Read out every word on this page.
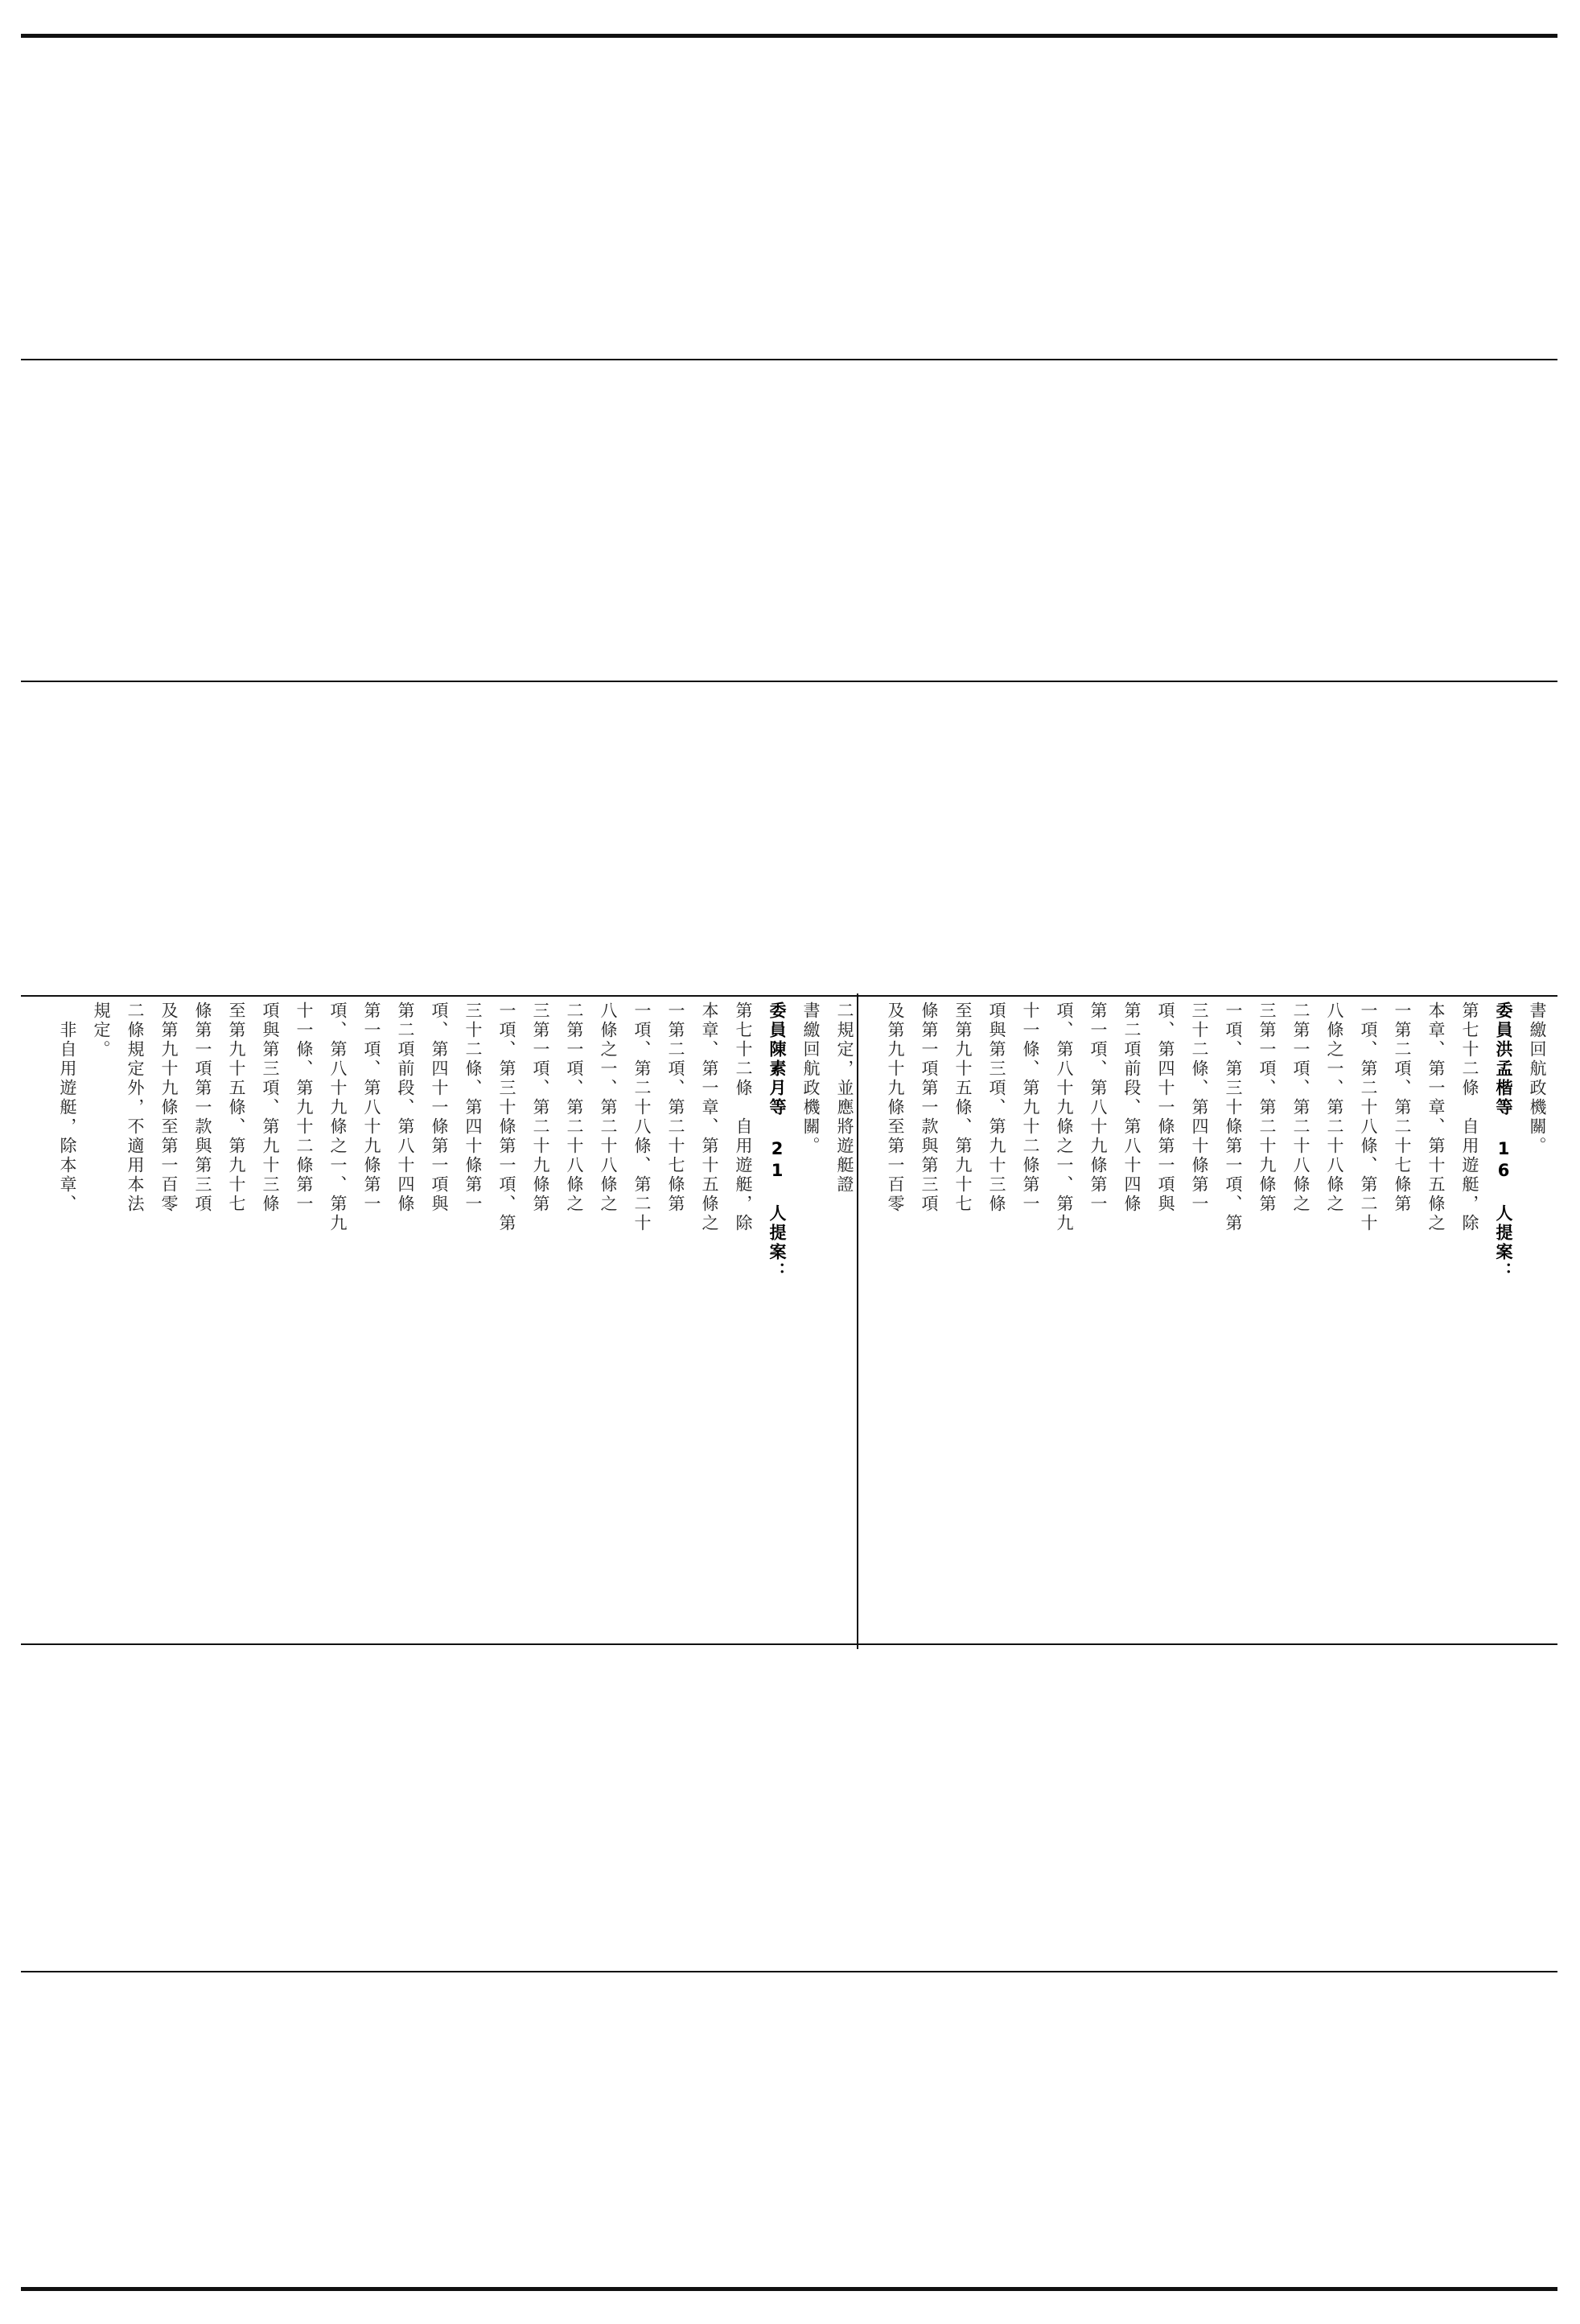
書繳回航政機關。
委員洪孟楷等 16 人提案：
第七十二條　自用遊艇，除
本章、第一章、第十五條之
一第二項、第二十七條第
一項、第二十八條、第二十
八條之一、第二十八條之
二第一項、第二十八條之
三第一項、第二十九條第
一項、第三十條第一項、第
三十二條、第四十條第一
項、第四十一條第一項與
第二項前段、第八十四條
第一項、第八十九條第一
項、第八十九條之一、第九
十一條、第九十二條第一
項與第三項、第九十三條
至第九十五條、第九十七
條第一項第一款與第三項
及第九十九條至第一百零
二規定，並應將遊艇證
書繳回航政機關。
委員陳素月等 21 人提案：
第七十二條　自用遊艇，除
本章、第一章、第十五條之
一第二項、第二十七條第
一項、第二十八條、第二十
八條之一、第二十八條之
二第一項、第二十八條之
三第一項、第二十九條第
一項、第三十條第一項、第
三十二條、第四十條第一
項、第四十一條第一項與
第二項前段、第八十四條
第一項、第八十九條第一
項、第八十九條之一、第九
十一條、第九十二條第一
項與第三項、第九十三條
至第九十五條、第九十七
條第一項第一款與第三項
及第九十九條至第一百零
二條規定外，不適用本法
規定。
　非自用遊艇，除本章、
